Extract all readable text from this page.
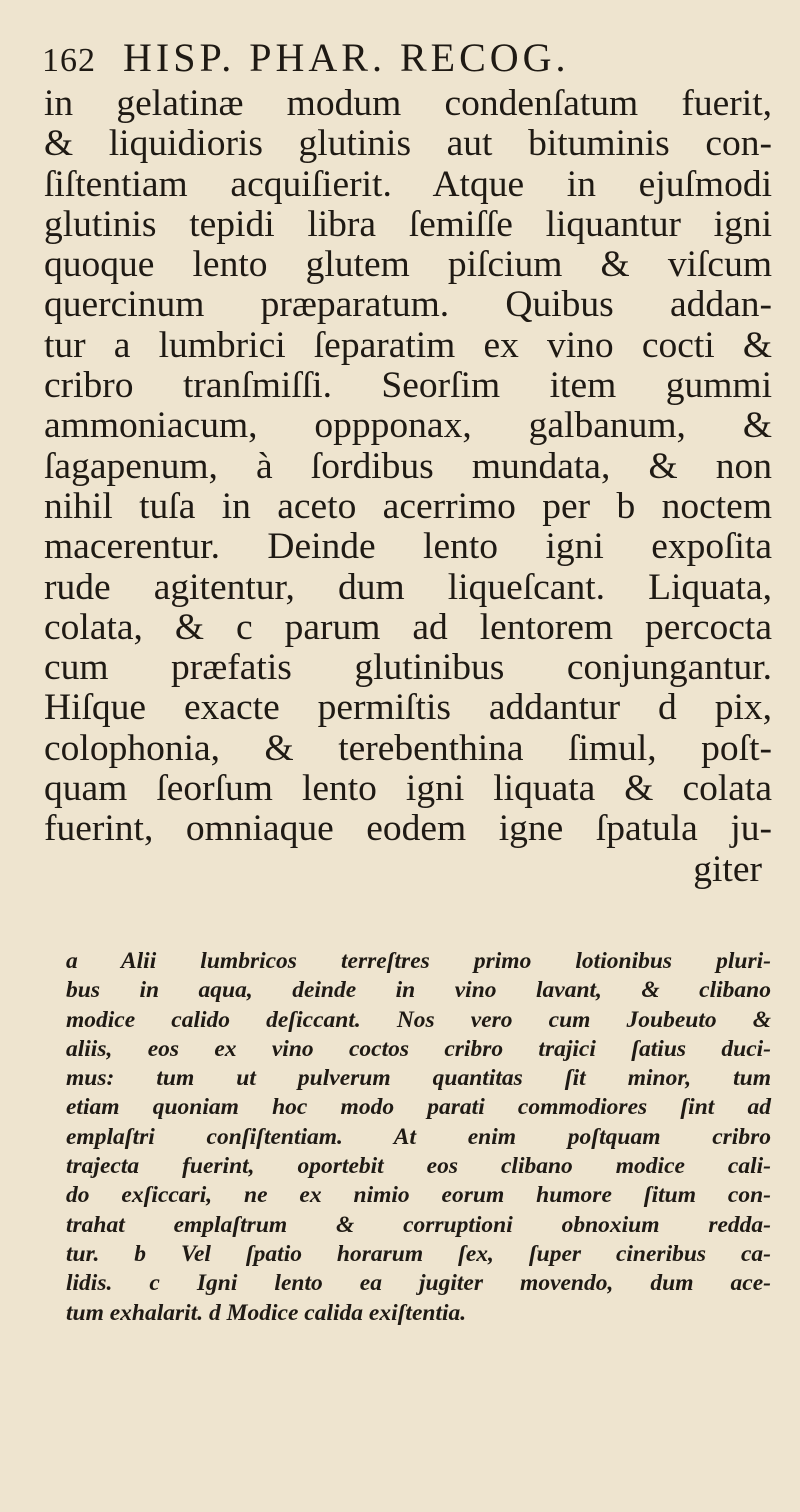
162 HISP. PHAR. RECOG.
in gelatinæ modum condenſatum fuerit,
& liquidioris glutinis aut bituminis con-
ſiſtentiam acquiſierit. Atque in ejuſmodi
glutinis tepidi libra ſemiſſe liquantur igni
quoque lento glutem piſcium & viſcum
quercinum præparatum. Quibus addan-
tur a lumbrici ſeparatim ex vino cocti &
cribro tranſmiſſi. Seorſim item gummi
ammoniacum, oppponax, galbanum, &
ſagapenum, à ſordibus mundata, & non
nihil tuſa in aceto acerrimo per b noctem
macerentur. Deinde lento igni expoſita
rude agitentur, dum liqueſcant. Liquata,
colata, & c parum ad lentorem percocta
cum præfatis glutinibus conjungantur.
Hiſque exacte permiſtis addantur d pix,
colophonia, & terebenthina ſimul, poſt-
quam ſeorſum lento igni liquata & colata
fuerint, omniaque eodem igne ſpatula ju-
giter
a Alii lumbricos terreſtres primo lotionibus pluri-
bus in aqua, deinde in vino lavant, & clibano
modice calido deſiccant. Nos vero cum Joubeuto &
aliis, eos ex vino coctos cribro trajici ſatius duci-
mus: tum ut pulverum quantitas ſit minor, tum
etiam quoniam hoc modo parati commodiores ſint ad
emplaſtri conſiſtentiam. At enim poſtquam cribro
trajecta fuerint, oportebit eos clibano modice cali-
do exſiccari, ne ex nimio eorum humore ſitum con-
trahat emplaſtrum & corruptioni obnoxium redda-
tur. b Vel ſpatio horarum ſex, ſuper cineribus ca-
lidis. c Igni lento ea jugiter movendo, dum ace-
tum exhalarit. d Modice calida exiſtentia.
